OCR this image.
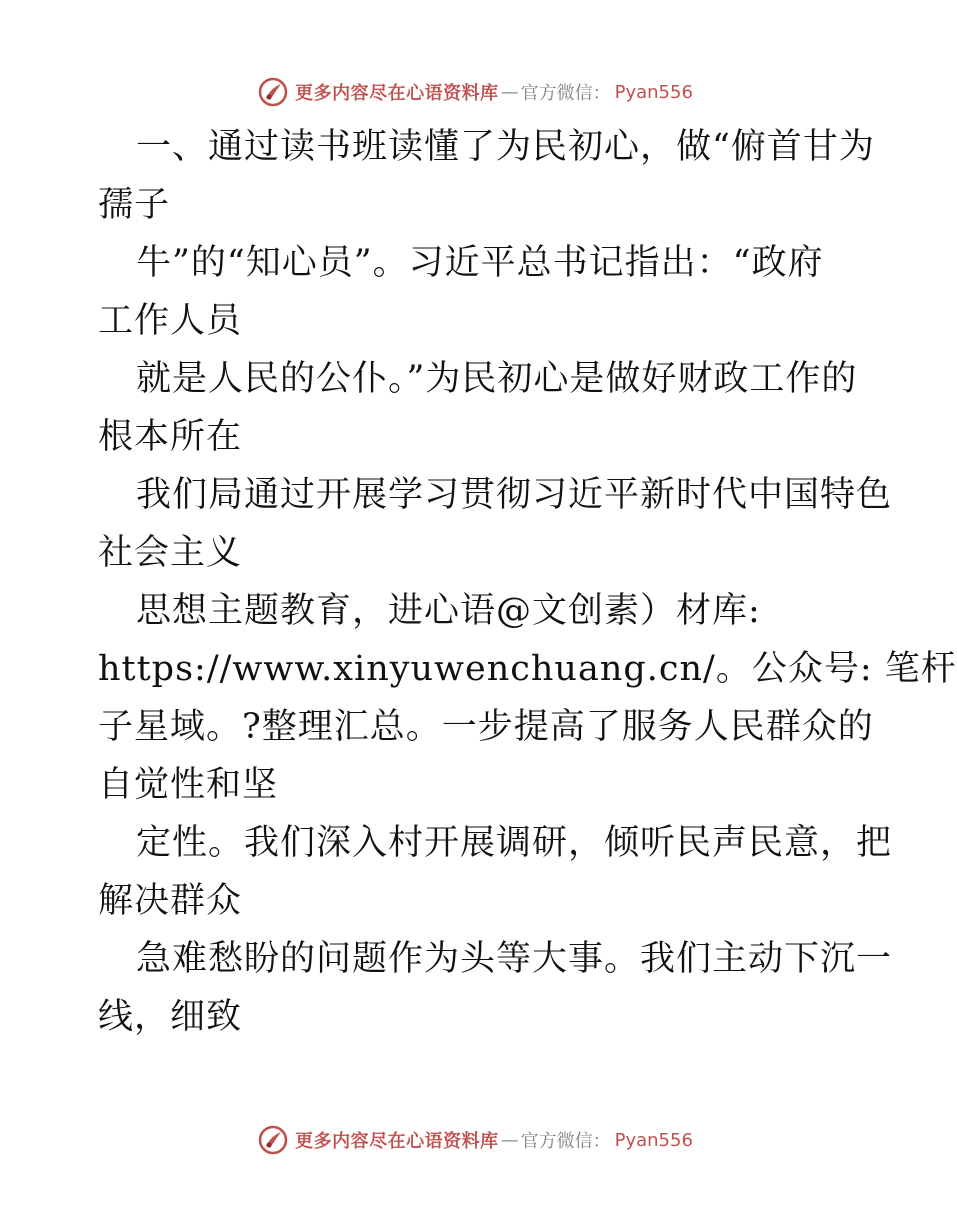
更多内容尽在心语资料库 — 官方微信： Pyan556
一、通过读书班读懂了为民初心，做“俯首甘为
孺子
牛”的“知心员”。习近平总书记指出：“政府
工作人员
就是人民的公仆。”为民初心是做好财政工作的
根本所在
我们局通过开展学习贯彻习近平新时代中国特色
社会主义
思想主题教育，进心语@文创素）材库:
https://www.xinyuwenchuang.cn/。公众号: 笔杆
子星域。?整理汇总。一步提高了服务人民群众的
自觉性和坚
定性。我们深入村开展调研，倾听民声民意，把
解决群众
急难愁盼的问题作为头等大事。我们主动下沉一
线，细致
更多内容尽在心语资料库 — 官方微信： Pyan556
